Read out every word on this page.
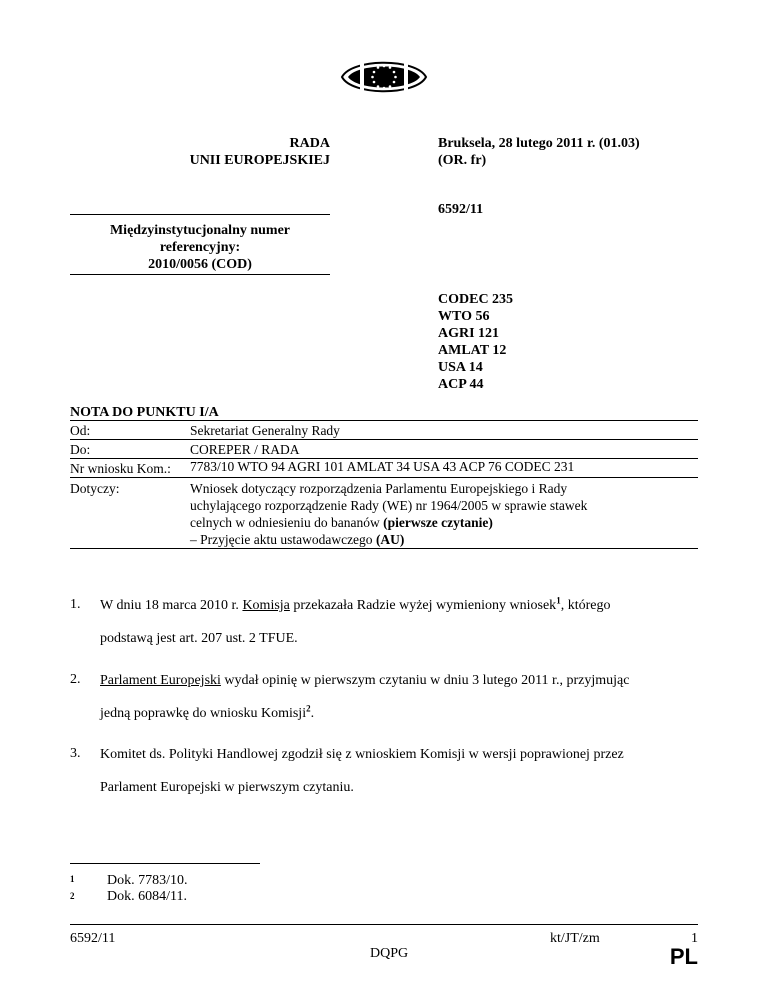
RADA
UNII EUROPEJSKIEJ
Bruksela, 28 lutego 2011 r. (01.03)
(OR. fr)
6592/11
Międzyinstytucjonalny numer
referencyjny:
2010/0056 (COD)
CODEC 235
WTO 56
AGRI 121
AMLAT 12
USA 14
ACP 44
NOTA DO PUNKTU I/A
Od:	Sekretariat Generalny Rady
Do:	COREPER / RADA
Nr wniosku Kom.:	7783/10 WTO 94 AGRI 101 AMLAT 34 USA 43 ACP 76 CODEC 231
Dotyczy:	Wniosek dotyczący rozporządzenia Parlamentu Europejskiego i Rady
uchylającego rozporządzenie Rady (WE) nr 1964/2005 w sprawie stawek
celnych w odniesieniu do bananów (pierwsze czytanie)
– Przyjęcie aktu ustawodawczego (AU)
1. W dniu 18 marca 2010 r. Komisja przekazała Radzie wyżej wymieniony wniosek$^1$, którego
podstawą jest art. 207 ust. 2 TFUE.
2. Parlament Europejski wydał opinię w pierwszym czytaniu w dniu 3 lutego 2011 r., przyjmując
jedną poprawkę do wniosku Komisji$^2$.
3. Komitet ds. Polityki Handlowej zgodził się z wnioskiem Komisji w wersji poprawionej przez
Parlament Europejski w pierwszym czytaniu.
1 Dok. 7783/10.
2 Dok. 6084/11.
6592/11	kt/JT/zm
DQPG
1
PL
